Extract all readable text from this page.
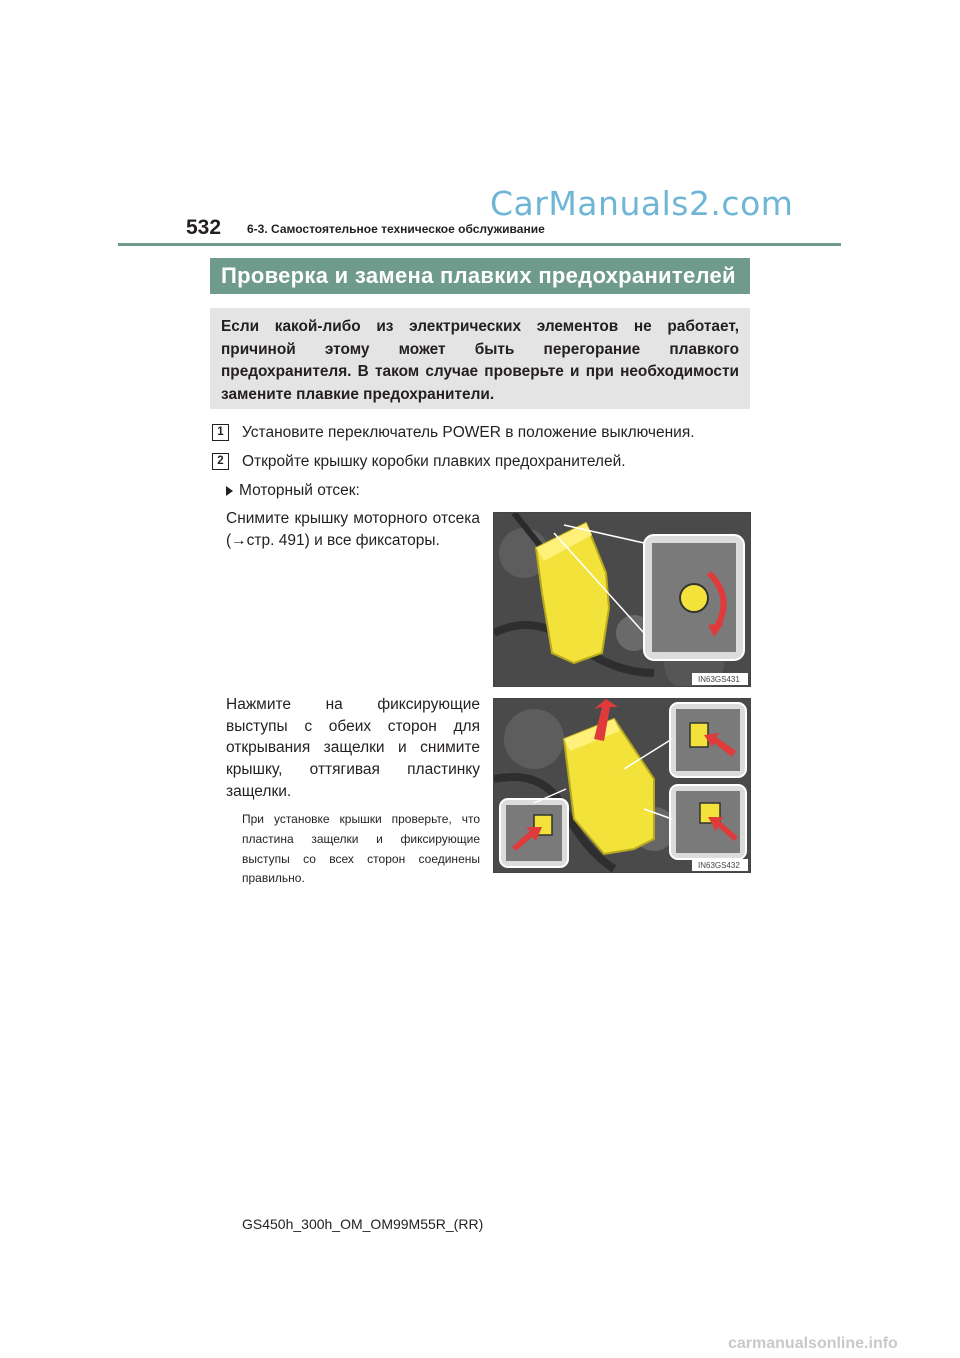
CarManuals2.com
532 6-3. Самостоятельное техническое обслуживание
Проверка и замена плавких предохранителей
Если какой-либо из электрических элементов не работает, причиной этому может быть перегорание плавкого предохранителя. В таком случае проверьте и при необходимости замените плавкие предохранители.
1	Установите переключатель POWER в положение выключения.
2	Откройте крышку коробки плавких предохранителей.
Моторный отсек:
Снимите крышку моторного отсека (→стр. 491) и все фиксаторы.
Нажмите на фиксирующие выступы с обеих сторон для открывания защелки и снимите крышку, оттягивая пластинку защелки.
При установке крышки проверьте, что пластина защелки и фиксирующие выступы со всех сторон соединены правильно.
IN63GS431
IN63GS432
GS450h_300h_OM_OM99M55R_(RR)
carmanualsonline.info
